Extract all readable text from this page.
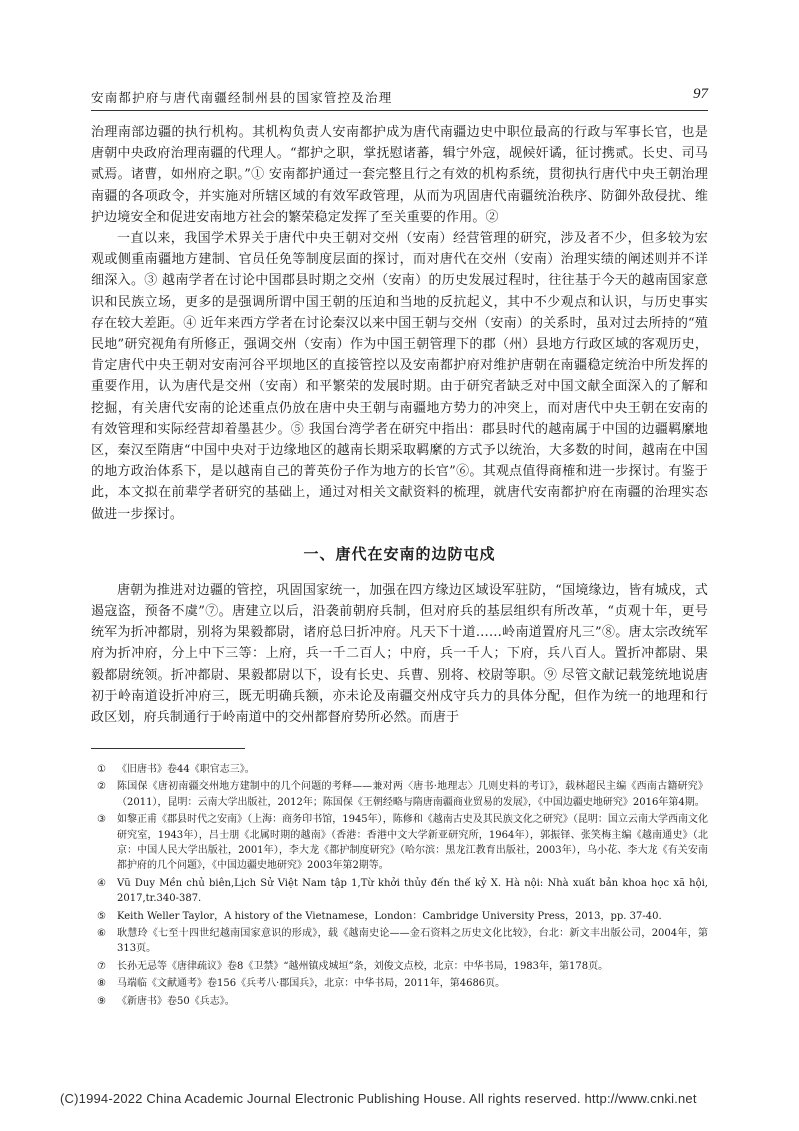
安南都护府与唐代南疆经制州县的国家管控及治理	97

治理南部边疆的执行机构。其机构负责人安南都护成为唐代南疆边史中职位最高的行政与军事长官，也是唐朝中央政府治理南疆的代理人。“都护之职，掌抚慰诸蕃，辑宁外寇，觇候奸谲，征讨携贰。长史、司马贰焉。诸曹，如州府之职。”① 安南都护通过一套完整且行之有效的机构系统，贯彻执行唐代中央王朝治理南疆的各项政令，并实施对所辖区域的有效军政管理，从而为巩固唐代南疆统治秩序、防御外敌侵扰、维护边境安全和促进安南地方社会的繁荣稳定发挥了至关重要的作用。②

一直以来，我国学术界关于唐代中央王朝对交州（安南）经营管理的研究，涉及者不少，但多较为宏观或侧重南疆地方建制、官员任免等制度层面的探讨，而对唐代在交州（安南）治理实绩的阐述则并不详细深入。③ 越南学者在讨论中国郡县时期之交州（安南）的历史发展过程时，往往基于今天的越南国家意识和民族立场，更多的是强调所谓中国王朝的压迫和当地的反抗起义，其中不少观点和认识，与历史事实存在较大差距。④ 近年来西方学者在讨论秦汉以来中国王朝与交州（安南）的关系时，虽对过去所持的“殖民地”研究视角有所修正，强调交州（安南）作为中国王朝管理下的郡（州）县地方行政区域的客观历史，肯定唐代中央王朝对安南河谷平坝地区的直接管控以及安南都护府对维护唐朝在南疆稳定统治中所发挥的重要作用，认为唐代是交州（安南）和平繁荣的发展时期。由于研究者缺乏对中国文献全面深入的了解和挖掘，有关唐代安南的论述重点仍放在唐中央王朝与南疆地方势力的冲突上，而对唐代中央王朝在安南的有效管理和实际经营却着墨甚少。⑤ 我国台湾学者在研究中指出：郡县时代的越南属于中国的边疆羁縻地区，秦汉至隋唐“中国中央对于边缘地区的越南长期采取羁縻的方式予以统治，大多数的时间，越南在中国的地方政治体系下，是以越南自己的菁英份子作为地方的长官”⑥。其观点值得商榷和进一步探讨。有鉴于此，本文拟在前辈学者研究的基础上，通过对相关文献资料的梳理，就唐代安南都护府在南疆的治理实态做进一步探讨。

一、唐代在安南的边防屯戍

唐朝为推进对边疆的管控，巩固国家统一，加强在四方缘边区域设军驻防，“国境缘边，皆有城戍，式遏寇盗，预备不虞”⑦。唐建立以后，沿袭前朝府兵制，但对府兵的基层组织有所改革，“贞观十年，更号统军为折冲都尉，别将为果毅都尉，诸府总曰折冲府。凡天下十道……岭南道置府凡三”⑧。唐太宗改统军府为折冲府，分上中下三等：上府，兵一千二百人；中府，兵一千人；下府，兵八百人。置折冲都尉、果毅都尉统领。折冲都尉、果毅都尉以下，设有长史、兵曹、别将、校尉等职。⑨ 尽管文献记载笼统地说唐初于岭南道设折冲府三，既无明确兵额，亦未论及南疆交州戍守兵力的具体分配，但作为统一的地理和行政区划，府兵制通行于岭南道中的交州都督府势所必然。而唐于

①	《旧唐书》卷44《职官志三》。
②	陈国保《唐初南疆交州地方建制中的几个问题的考释——兼对两〈唐书·地理志〉几则史料的考订》，载林超民主编《西南古籍研究》（2011），昆明：云南大学出版社，2012年；陈国保《王朝经略与隋唐南疆商业贸易的发展》，《中国边疆史地研究》2016年第4期。
③	如黎正甫《郡县时代之安南》（上海：商务印书馆，1945年），陈修和《越南古史及其民族文化之研究》（昆明：国立云南大学西南文化研究室，1943年），吕士朋《北属时期的越南》（香港：香港中文大学新亚研究所，1964年），郭振铎、张笑梅主编《越南通史》（北京：中国人民大学出版社，2001年），李大龙《都护制度研究》（哈尔滨：黑龙江教育出版社，2003年），乌小花、李大龙《有关安南都护府的几个问题》，《中国边疆史地研究》2003年第2期等。
④	Vũ Duy Mền chủ biên,Lịch Sử Việt Nam tập 1,Từ khởi thủy đến thế kỷ X. Hà nội: Nhà xuất bản khoa học xã hội, 2017,tr.340-387.
⑤	Keith Weller Taylor，A history of the Vietnamese，London：Cambridge University Press，2013，pp. 37-40.
⑥	耿慧玲《七至十四世纪越南国家意识的形成》，载《越南史论——金石资料之历史文化比较》，台北：新文丰出版公司，2004年，第313页。
⑦	长孙无忌等《唐律疏议》卷8《卫禁》“越州镇戍城垣”条，刘俊文点校，北京：中华书局，1983年，第178页。
⑧	马端临《文献通考》卷156《兵考八·郡国兵》，北京：中华书局，2011年，第4686页。
⑨	《新唐书》卷50《兵志》。
(C)1994-2022 China Academic Journal Electronic Publishing House. All rights reserved. http://www.cnki.net
